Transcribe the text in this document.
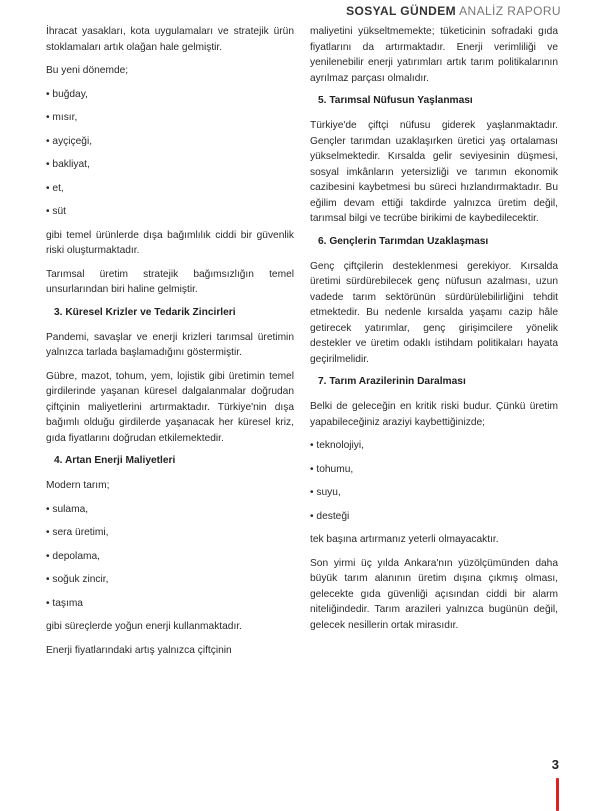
SOSYAL GÜNDEM ANALİZ RAPORU

İhracat yasakları, kota uygulamaları ve stratejik ürün stoklamaları artık olağan hale gelmiştir.

Bu yeni dönemde;

• buğday,
• mısır,
• ayçiçeği,
• bakliyat,
• et,
• süt

gibi temel ürünlerde dışa bağımlılık ciddi bir güvenlik riski oluşturmaktadır.

Tarımsal üretim stratejik bağımsızlığın temel unsurlarından biri haline gelmiştir.

3. Küresel Krizler ve Tedarik Zincirleri

Pandemi, savaşlar ve enerji krizleri tarımsal üretimin yalnızca tarlada başlamadığını göstermiştir.

Gübre, mazot, tohum, yem, lojistik gibi üretimin temel girdilerinde yaşanan küresel dalgalanmalar doğrudan çiftçinin maliyetlerini artırmaktadır. Türkiye'nin dışa bağımlı olduğu girdilerde yaşanacak her küresel kriz, gıda fiyatlarını doğrudan etkilemektedir.

4. Artan Enerji Maliyetleri

Modern tarım;

• sulama,
• sera üretimi,
• depolama,
• soğuk zincir,
• taşıma

gibi süreçlerde yoğun enerji kullanmaktadır.

Enerji fiyatlarındaki artış yalnızca çiftçinin

maliyetini yükseltmemekte; tüketicinin sofradaki gıda fiyatlarını da artırmaktadır. Enerji verimliliği ve yenilenebilir enerji yatırımları artık tarım politikalarının ayrılmaz parçası olmalıdır.

5. Tarımsal Nüfusun Yaşlanması

Türkiye'de çiftçi nüfusu giderek yaşlanmaktadır. Gençler tarımdan uzaklaşırken üretici yaş ortalaması yükselmektedir. Kırsalda gelir seviyesinin düşmesi, sosyal imkânların yetersizliği ve tarımın ekonomik cazibesini kaybetmesi bu süreci hızlandırmaktadır. Bu eğilim devam ettiği takdirde yalnızca üretim değil, tarımsal bilgi ve tecrübe birikimi de kaybedilecektir.

6. Gençlerin Tarımdan Uzaklaşması

Genç çiftçilerin desteklenmesi gerekiyor. Kırsalda üretimi sürdürebilecek genç nüfusun azalması, uzun vadede tarım sektörünün sürdürülebilirliğini tehdit etmektedir. Bu nedenle kırsalda yaşamı cazip hâle getirecek yatırımlar, genç girişimcilere yönelik destekler ve üretim odaklı istihdam politikaları hayata geçirilmelidir.

7. Tarım Arazilerinin Daralması

Belki de geleceğin en kritik riski budur. Çünkü üretim yapabileceğiniz araziyi kaybettiğinizde;

• teknolojiyi,
• tohumu,
• suyu,
• desteği

tek başına artırmanız yeterli olmayacaktır.

Son yirmi üç yılda Ankara'nın yüzölçümünden daha büyük tarım alanının üretim dışına çıkmış olması, gelecekte gıda güvenliği açısından ciddi bir alarm niteliğindedir. Tarım arazileri yalnızca bugünün değil, gelecek nesillerin ortak mirasıdır.

3
